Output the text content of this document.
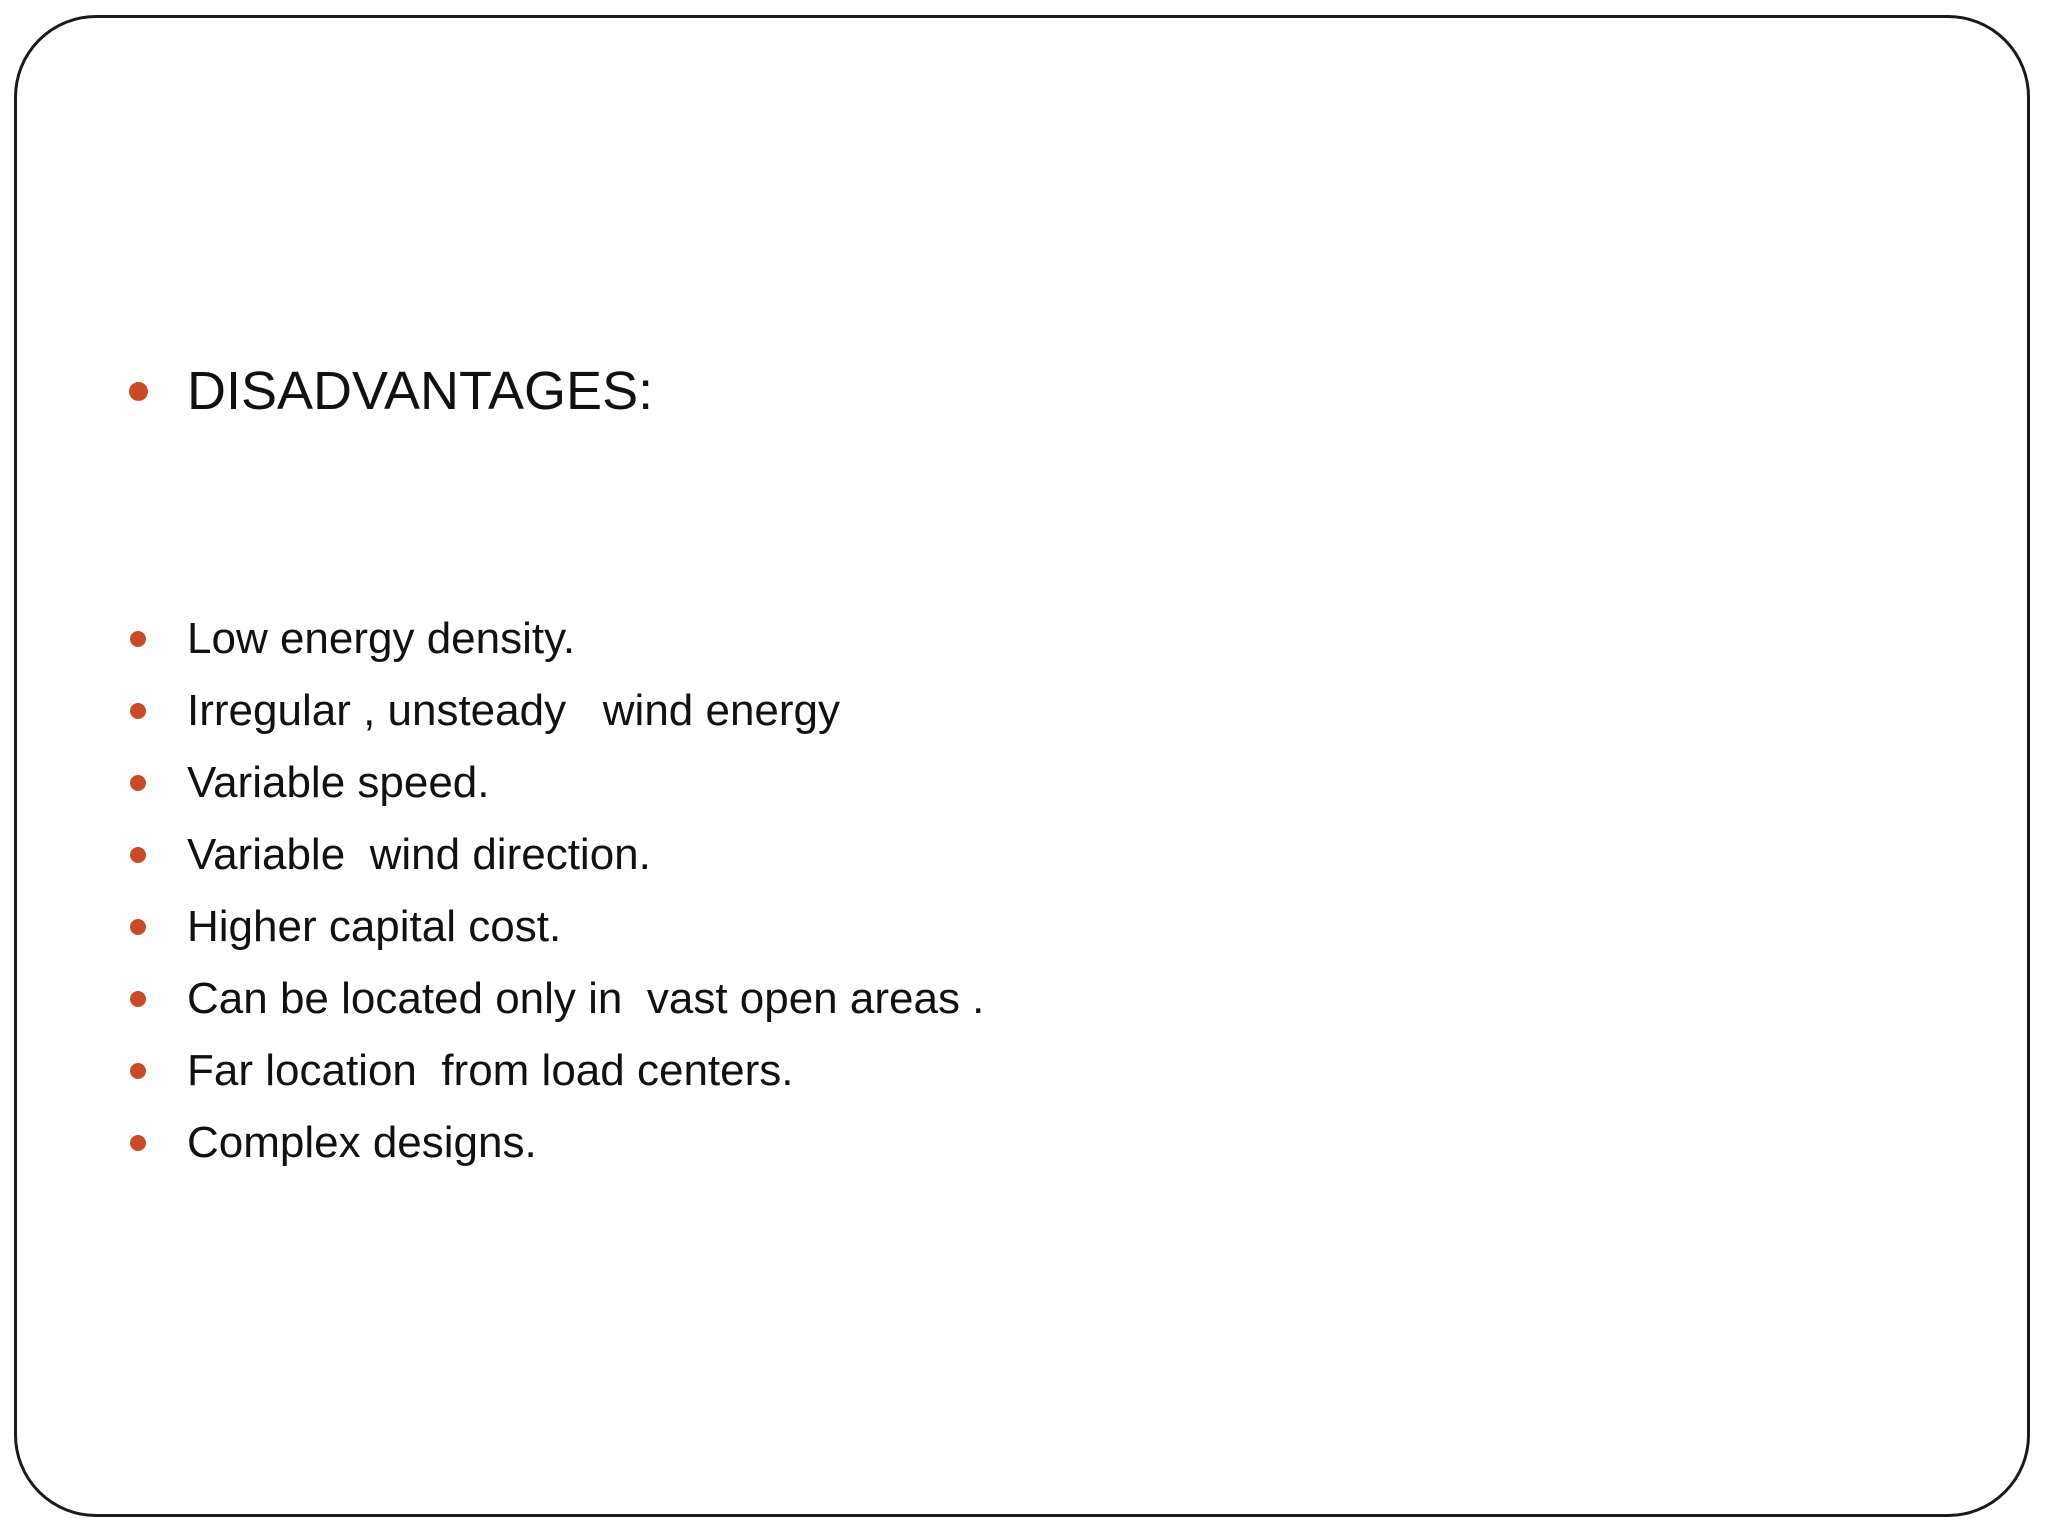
DISADVANTAGES:
Low energy density.
Irregular , unsteady   wind energy
Variable speed.
Variable  wind direction.
Higher capital cost.
Can be located only in  vast open areas .
Far location  from load centers.
Complex designs.
